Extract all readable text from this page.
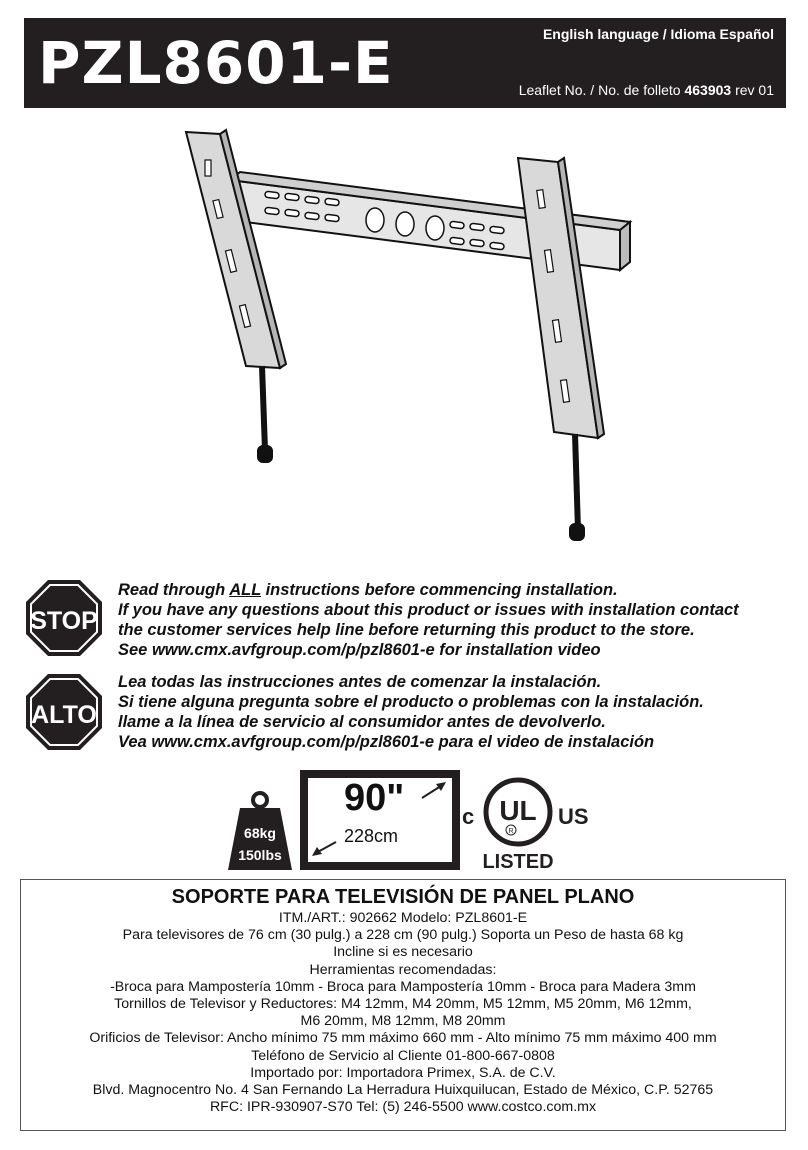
PZL8601-E	English language / Idioma Español
Leaflet No. / No. de folleto 463903 rev 01
STOP
Read through ALL instructions before commencing installation.
If you have any questions about this product or issues with installation contact
the customer services help line before returning this product to the store.
See www.cmx.avfgroup.com/p/pzl8601-e for installation video
ALTO
Lea todas las instrucciones antes de comenzar la instalación.
Si tiene alguna pregunta sobre el producto o problemas con la instalación.
llame a la línea de servicio al consumidor antes de devolverlo.
Vea www.cmx.avfgroup.com/p/pzl8601-e para el video de instalación
68kg
150lbs
90"
228cm
c UL
R
US
LISTED
SOPORTE PARA TELEVISIÓN DE PANEL PLANO
ITM./ART.: 902662 Modelo: PZL8601-E
Para televisores de 76 cm (30 pulg.) a 228 cm (90 pulg.) Soporta un Peso de hasta 68 kg
Incline si es necesario
Herramientas recomendadas:
-Broca para Mampostería 10mm - Broca para Mampostería 10mm - Broca para Madera 3mm
Tornillos de Televisor y Reductores: M4 12mm, M4 20mm, M5 12mm, M5 20mm, M6 12mm,
M6 20mm, M8 12mm, M8 20mm
Orificios de Televisor: Ancho mínimo 75 mm máximo 660 mm - Alto mínimo 75 mm máximo 400 mm
Teléfono de Servicio al Cliente 01-800-667-0808
Importado por: Importadora Primex, S.A. de C.V.
Blvd. Magnocentro No. 4 San Fernando La Herradura Huixquilucan, Estado de México, C.P. 52765
RFC: IPR-930907-S70 Tel: (5) 246-5500 www.costco.com.mx
